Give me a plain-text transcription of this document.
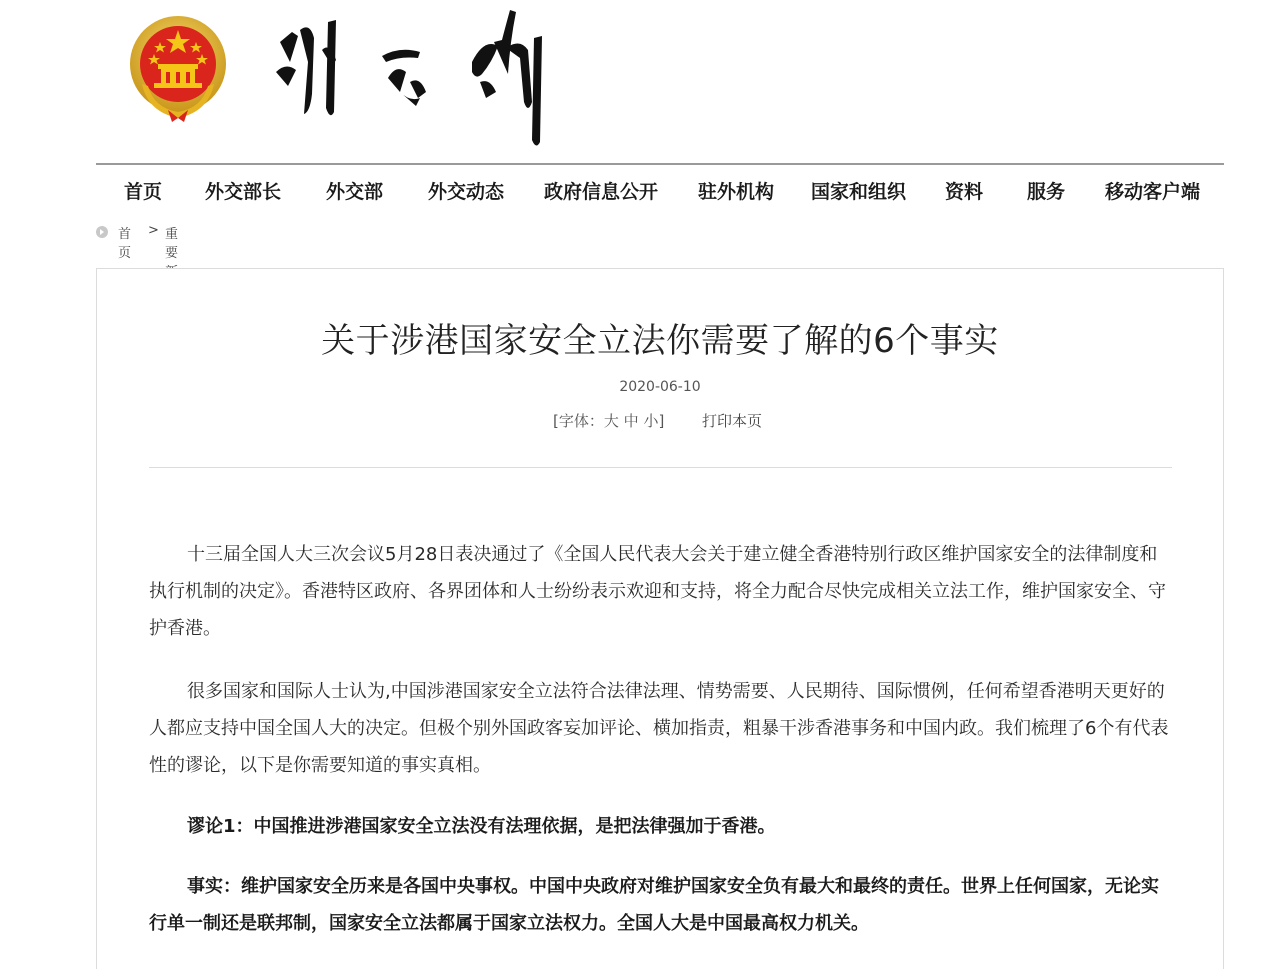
首页 外交部长 外交部 外交动态 政府信息公开 驻外机构 国家和组织 资料 服务 移动客户端
首页
> 重要
关于涉港国家安全立法你需要了解的6个事实
2020-06-10
[字体：大 中 小]	打印本页

十三届全国人大三次会议5月28日表决通过了《全国人民代表大会关于建立健全香港特别行政区维护国家安全的法律制度和执行机制的决定》。香港特区政府、各界团体和人士纷纷表示欢迎和支持，将全力配合尽快完成相关立法工作，维护国家安全、守护香港。

很多国家和国际人士认为,中国涉港国家安全立法符合法律法理、情势需要、人民期待、国际惯例，任何希望香港明天更好的人都应支持中国全国人大的决定。但极个别外国政客妄加评论、横加指责，粗暴干涉香港事务和中国内政。我们梳理了6个有代表性的谬论，以下是你需要知道的事实真相。

谬论1：中国推进涉港国家安全立法没有法理依据，是把法律强加于香港。

事实：维护国家安全历来是各国中央事权。中国中央政府对维护国家安全负有最大和最终的责任。世界上任何国家，无论实行单一制还是联邦制，国家安全立法都属于国家立法权力。全国人大是中国最高权力机关。
